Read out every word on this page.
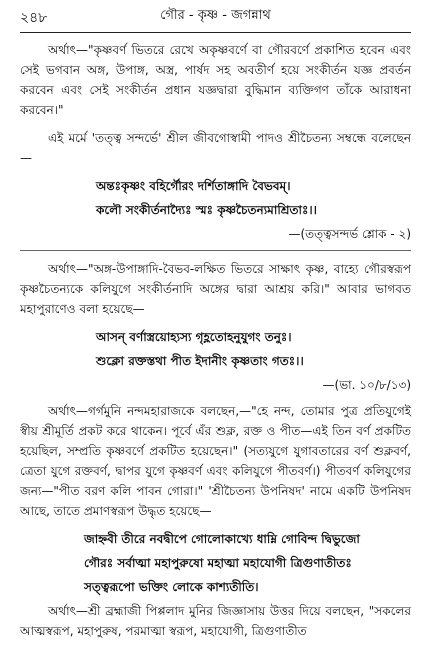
২৪৮	গৌর - কৃষ্ণ - জগন্নাথ

অর্থাৎ—"কৃষ্ণবর্ণ ভিতরে রেখে অকৃষ্ণবর্ণে বা গৌরবর্ণে প্রকাশিত হবেন এবং সেই ভগবান অঙ্গ, উপাঙ্গ, অস্ত্র, পার্ষদ সহ অবতীর্ণ হয়ে সংকীর্তন যজ্ঞ প্রবর্তন করবেন এবং সেই সংকীর্তন প্রধান যজ্ঞদ্বারা বুদ্ধিমান ব্যক্তিগণ তাঁকে আরাধনা করবেন।"

এই মর্মে 'তত্ত্ব সন্দর্ভে' শ্রীল জীবগোস্বামী পাদও শ্রীচৈতন্য সম্বন্ধে বলেছেন—

অন্তঃকৃষ্ণং বহির্গৌরং দর্শিতাঙ্গাদি বৈভবম্।
কলৌ সংকীর্তনাদ্যৈঃ স্মঃ কৃষ্ণচৈতন্যমাশ্রিতাঃ।।
—(তত্ত্বসন্দর্ভ শ্লোক - ২)

অর্থাৎ—"অঙ্গ-উপাঙ্গাদি-বৈভব-লক্ষিত ভিতরে সাক্ষাৎ কৃষ্ণ, বাহ্যে গৌরস্বরূপ কৃষ্ণচৈতন্যকে কলিযুগে সংকীর্তনাদি অঙ্গের দ্বারা আশ্রয় করি।" আবার ভাগবত মহাপুরাণেও বলা হয়েছে—

আসন্ বর্ণাস্ত্রয়োহ্যস্য গৃহ্ণতোহনুযুগং তনুঃ।
শুক্লো রক্তস্তথা পীত ইদানীং কৃষ্ণতাং গতঃ।।
—(ভা. ১০/৮/১৩)

অর্থাৎ—গর্গমুনি নন্দমহারাজকে বলছেন,—"হে নন্দ, তোমার পুত্র প্রতিযুগেই স্বীয় শ্রীমূর্তি প্রকট করে থাকেন। পূর্বে এঁর শুক্ল, রক্ত ও পীত—এই তিন বর্ণ প্রকটিত হয়েছিল, সম্প্রতি কৃষ্ণবর্ণে প্রকটিত হয়েছেন।" (সত্যযুগে যুগাবতারের বর্ণ শুক্লবর্ণ, ত্রেতা যুগে রক্তবর্ণ, দ্বাপর যুগে কৃষ্ণবর্ণ এবং কলিযুগে পীতবর্ণ।) পীতবর্ণ কলিযুগের জন্য—"পীত বরণ কলি পাবন গোরা।" 'শ্রীচৈতন্য উপনিষদ' নামে একটি উপনিষদ আছে, তাতে প্রমাণস্বরূপ উদ্ধৃত হয়েছে—

জাহ্নবী তীরে নবদ্বীপে গোলোকাখ্যে ধাম্নি গোবিন্দ দ্বিভুজো
গৌরঃ সর্বাত্মা মহাপুরুষো মহাত্মা মহাযোগী ত্রিগুণাতীতঃ
সত্ত্বরূপো ভক্তিং লোকে কাশ্যতীতি।

অর্থাৎ—শ্রী ব্রহ্মাজী পিপ্পলাদ মুনির জিজ্ঞাসায় উত্তর দিয়ে বলছেন, "সকলের আত্মস্বরূপ, মহাপুরুষ, পরমাত্মা স্বরূপ, মহাযোগী, ত্রিগুণাতীত
